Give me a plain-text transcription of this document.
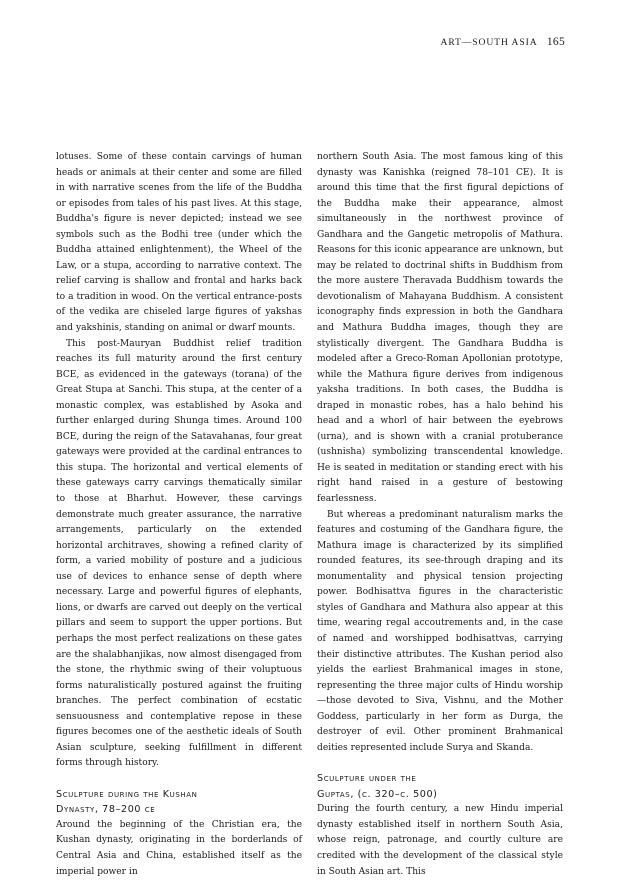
ART—SOUTH ASIA 165

lotuses. Some of these contain carvings of human heads or animals at their center and some are filled in with narrative scenes from the life of the Buddha or episodes from tales of his past lives. At this stage, Buddha's figure is never depicted; instead we see symbols such as the Bodhi tree (under which the Buddha attained enlightenment), the Wheel of the Law, or a stupa, according to narrative context. The relief carving is shallow and frontal and harks back to a tradition in wood. On the vertical entrance-posts of the vedika are chiseled large figures of yakshas and yakshinis, standing on animal or dwarf mounts.

This post-Mauryan Buddhist relief tradition reaches its full maturity around the first century BCE, as evidenced in the gateways (torana) of the Great Stupa at Sanchi. This stupa, at the center of a monastic complex, was established by Asoka and further enlarged during Shunga times. Around 100 BCE, during the reign of the Satavahanas, four great gateways were provided at the cardinal entrances to this stupa. The horizontal and vertical elements of these gateways carry carvings thematically similar to those at Bharhut. However, these carvings demonstrate much greater assurance, the narrative arrangements, particularly on the extended horizontal architraves, showing a refined clarity of form, a varied mobility of posture and a judicious use of devices to enhance sense of depth where necessary. Large and powerful figures of elephants, lions, or dwarfs are carved out deeply on the vertical pillars and seem to support the upper portions. But perhaps the most perfect realizations on these gates are the shalabhanjikas, now almost disengaged from the stone, the rhythmic swing of their voluptuous forms naturalistically postured against the fruiting branches. The perfect combination of ecstatic sensuousness and contemplative repose in these figures becomes one of the aesthetic ideals of South Asian sculpture, seeking fulfillment in different forms through history.

Sculpture during the Kushan
Dynasty, 78–200 ce

Around the beginning of the Christian era, the Kushan dynasty, originating in the borderlands of Central Asia and China, established itself as the imperial power in

northern South Asia. The most famous king of this dynasty was Kanishka (reigned 78–101 CE). It is around this time that the first figural depictions of the Buddha make their appearance, almost simultaneously in the northwest province of Gandhara and the Gangetic metropolis of Mathura. Reasons for this iconic appearance are unknown, but may be related to doctrinal shifts in Buddhism from the more austere Theravada Buddhism towards the devotionalism of Mahayana Buddhism. A consistent iconography finds expression in both the Gandhara and Mathura Buddha images, though they are stylistically divergent. The Gandhara Buddha is modeled after a Greco-Roman Apollonian prototype, while the Mathura figure derives from indigenous yaksha traditions. In both cases, the Buddha is draped in monastic robes, has a halo behind his head and a whorl of hair between the eyebrows (urna), and is shown with a cranial protuberance (ushnisha) symbolizing transcendental knowledge. He is seated in meditation or standing erect with his right hand raised in a gesture of bestowing fearlessness.

But whereas a predominant naturalism marks the features and costuming of the Gandhara figure, the Mathura image is characterized by its simplified rounded features, its see-through draping and its monumentality and physical tension projecting power. Bodhisattva figures in the characteristic styles of Gandhara and Mathura also appear at this time, wearing regal accoutrements and, in the case of named and worshipped bodhisattvas, carrying their distinctive attributes. The Kushan period also yields the earliest Brahmanical images in stone, representing the three major cults of Hindu worship—those devoted to Siva, Vishnu, and the Mother Goddess, particularly in her form as Durga, the destroyer of evil. Other prominent Brahmanical deities represented include Surya and Skanda.

Sculpture under the
Guptas, (c. 320–c. 500)

During the fourth century, a new Hindu imperial dynasty established itself in northern South Asia, whose reign, patronage, and courtly culture are credited with the development of the classical style in South Asian art. This
